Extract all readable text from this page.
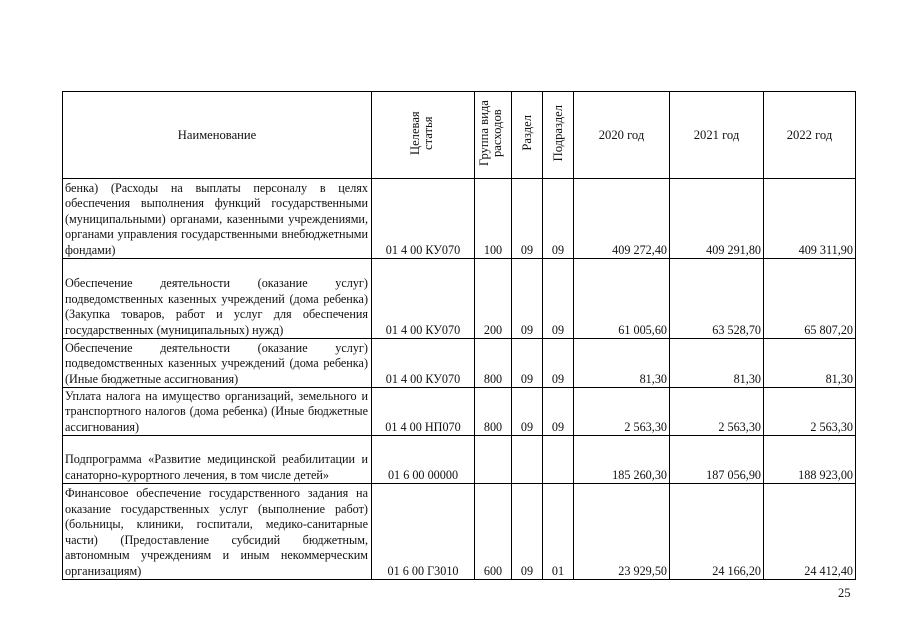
Наименование	Целевая статья	Группа вида расходов	Раздел	Подраздел	2020 год	2021 год	2022 год
бенка) (Расходы на выплаты персоналу в целях обеспечения выполнения функций государственными (муниципальными) органами, казенными учреждениями, органами управления государственными внебюджетными фондами)	01 4 00 КУ070	100	09	09	409 272,40	409 291,80	409 311,90
Обеспечение деятельности (оказание услуг) подведомственных казенных учреждений (дома ребенка) (Закупка товаров, работ и услуг для обеспечения государственных (муниципальных) нужд)	01 4 00 КУ070	200	09	09	61 005,60	63 528,70	65 807,20
Обеспечение деятельности (оказание услуг) подведомственных казенных учреждений (дома ребенка) (Иные бюджетные ассигнования)	01 4 00 КУ070	800	09	09	81,30	81,30	81,30
Уплата налога на имущество организаций, земельного и транспортного налогов (дома ребенка) (Иные бюджетные ассигнования)	01 4 00 НП070	800	09	09	2 563,30	2 563,30	2 563,30
Подпрограмма «Развитие медицинской реабилитации и санаторно-курортного лечения, в том числе детей»	01 6 00 00000				185 260,30	187 056,90	188 923,00
Финансовое обеспечение государственного задания на оказание государственных услуг (выполнение работ) (больницы, клиники, госпитали, медико-санитарные части) (Предоставление субсидий бюджетным, автономным учреждениям и иным некоммерческим организациям)	01 6 00 Г3010	600	09	01	23 929,50	24 166,20	24 412,40
25
